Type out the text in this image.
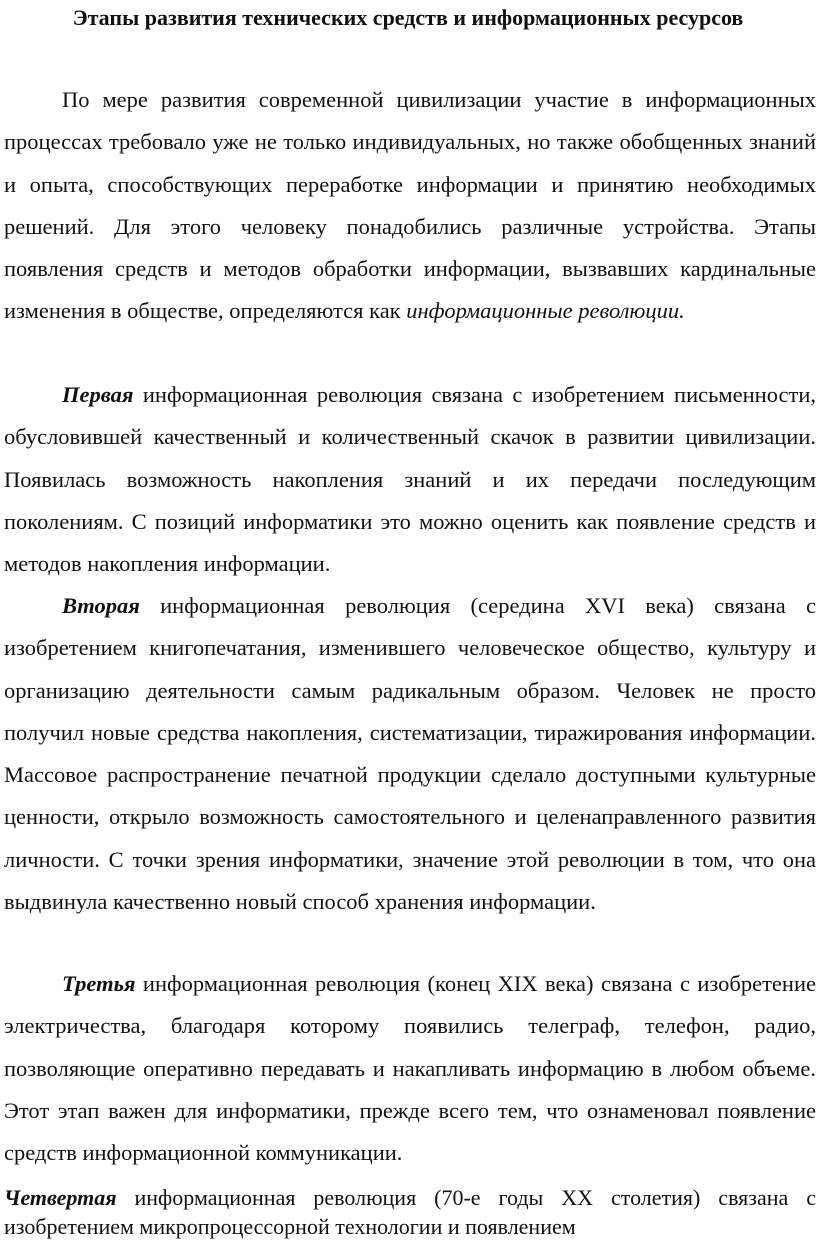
Этапы развития технических средств и информационных ресурсов

По мере развития современной цивилизации участие в информационных процессах требовало уже не только индивидуальных, но также обобщенных знаний и опыта, способствующих переработке информации и принятию необходимых решений. Для этого человеку понадобились различные устройства. Этапы появления средств и методов обработки информации, вызвавших кардинальные изменения в обществе, определяются как информационные революции.

Первая информационная революция связана с изобретением письменности, обусловившей качественный и количественный скачок в развитии цивилизации. Появилась возможность накопления знаний и их передачи последующим поколениям. С позиций информатики это можно оценить как появление средств и методов накопления информации.

Вторая информационная революция (середина XVI века) связана с изобретением книгопечатания, изменившего человеческое общество, культуру и организацию деятельности самым радикальным образом. Человек не просто получил новые средства накопления, систематизации, тиражирования информации. Массовое распространение печатной продукции сделало доступными культурные ценности, открыло возможность самостоятельного и целенаправленного развития личности. С точки зрения информатики, значение этой революции в том, что она выдвинула качественно новый способ хранения информации.

Третья информационная революция (конец XIX века) связана с изобретение электричества, благодаря которому появились телеграф, телефон, радио, позволяющие оперативно передавать и накапливать информацию в любом объеме. Этот этап важен для информатики, прежде всего тем, что ознаменовал появление средств информационной коммуникации.

Четвертая информационная революция (70-е годы XX столетия) связана с изобретением микропроцессорной технологии и появлением
